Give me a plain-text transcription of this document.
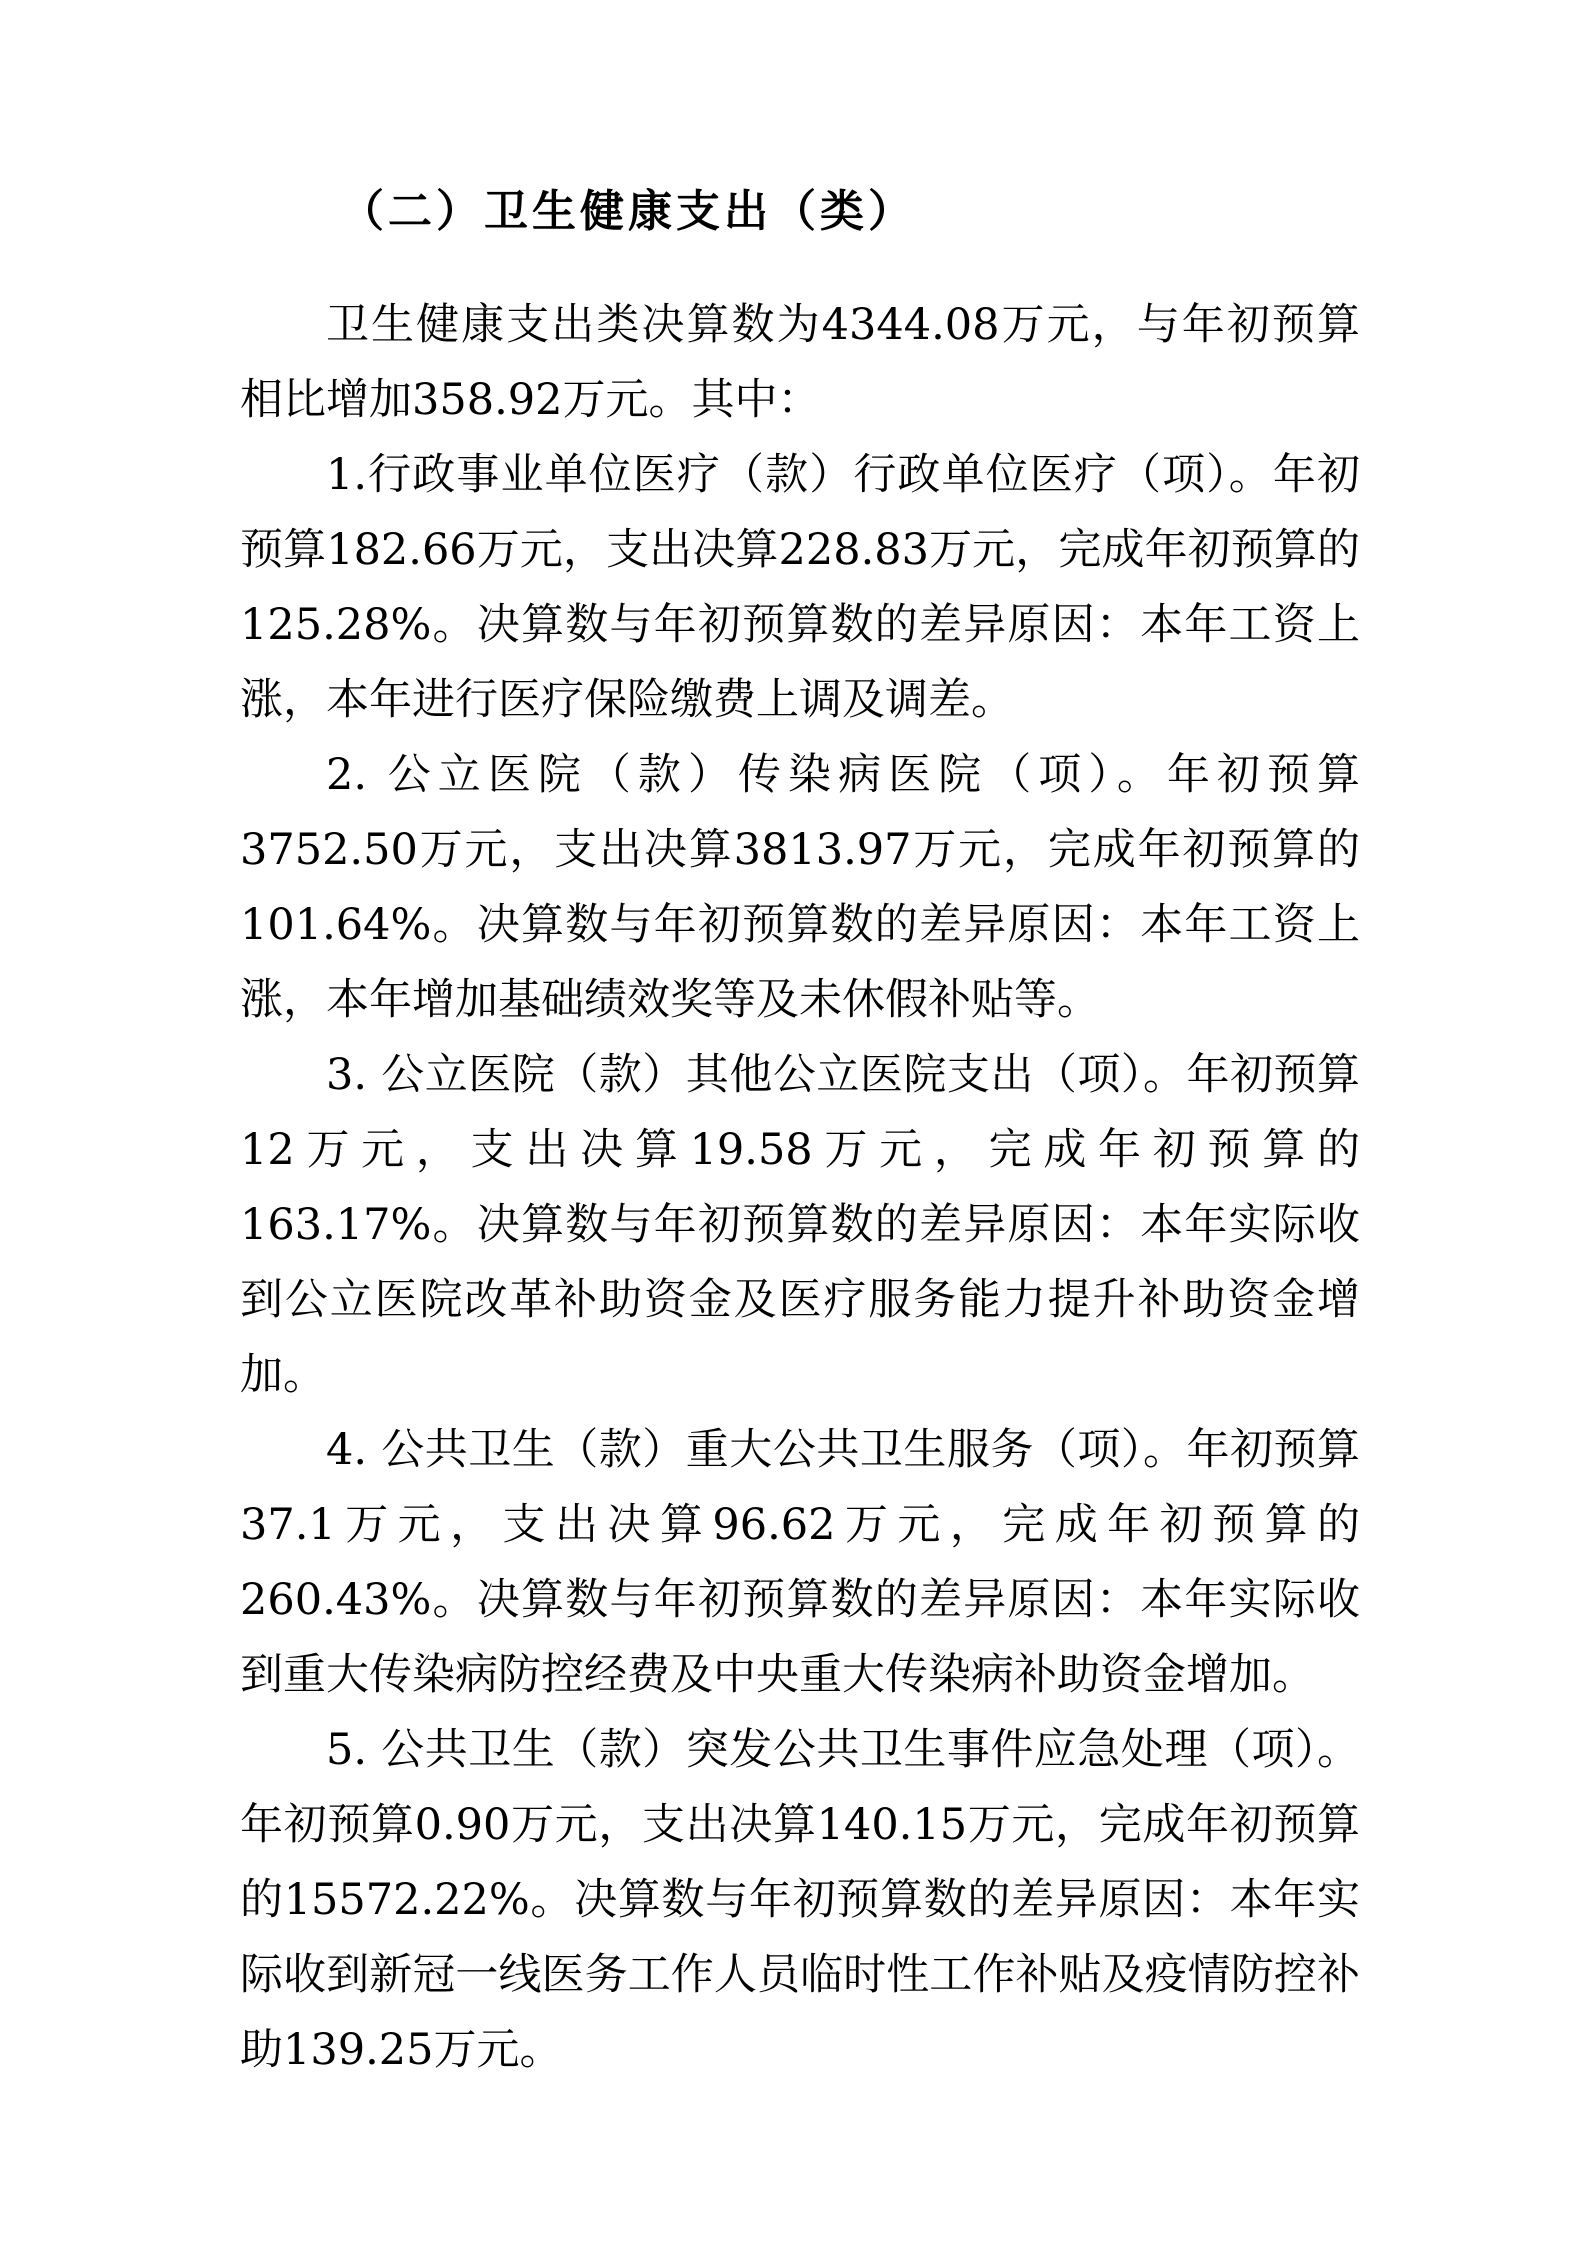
（二）卫生健康支出（类）

卫生健康支出类决算数为4344.08万元，与年初预算相比增加358.92万元。其中：

1.行政事业单位医疗（款）行政单位医疗（项）。年初预算182.66万元，支出决算228.83万元，完成年初预算的125.28%。决算数与年初预算数的差异原因：本年工资上涨，本年进行医疗保险缴费上调及调差。

2. 公立医院（款）传染病医院（项）。年初预算3752.50万元，支出决算3813.97万元，完成年初预算的101.64%。决算数与年初预算数的差异原因：本年工资上涨，本年增加基础绩效奖等及未休假补贴等。

3. 公立医院（款）其他公立医院支出（项）。年初预算12万元，支出决算19.58万元，完成年初预算的163.17%。决算数与年初预算数的差异原因：本年实际收到公立医院改革补助资金及医疗服务能力提升补助资金增加。

4. 公共卫生（款）重大公共卫生服务（项）。年初预算37.1万元，支出决算96.62万元，完成年初预算的260.43%。决算数与年初预算数的差异原因：本年实际收到重大传染病防控经费及中央重大传染病补助资金增加。

5. 公共卫生（款）突发公共卫生事件应急处理（项）。年初预算0.90万元，支出决算140.15万元，完成年初预算的15572.22%。决算数与年初预算数的差异原因：本年实际收到新冠一线医务工作人员临时性工作补贴及疫情防控补助139.25万元。
